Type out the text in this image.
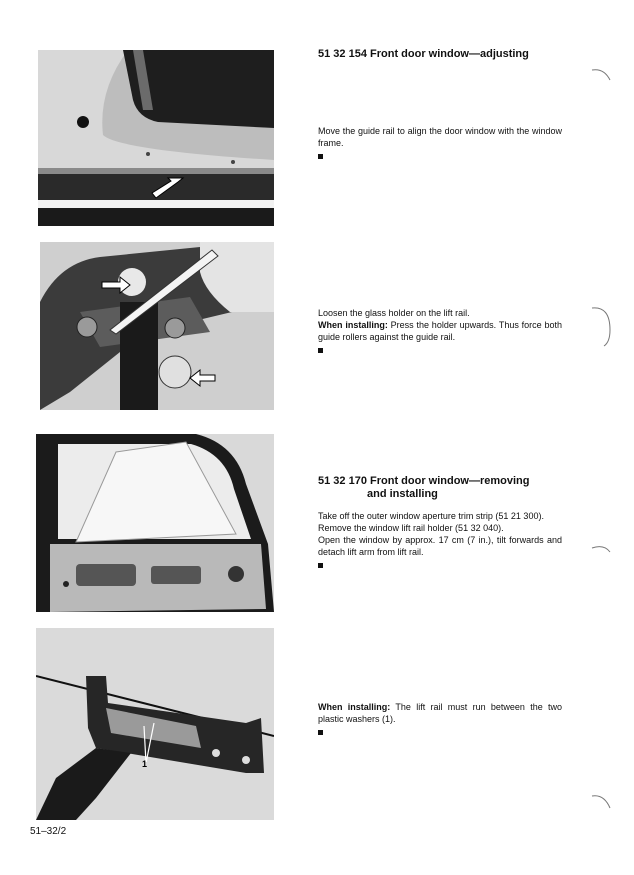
1
51 32 154 Front door window—adjusting

Move the guide rail to align the door window with the window frame.

Loosen the glass holder on the lift rail.

When installing: Press the holder upwards. Thus force both guide rollers against the guide rail.

51 32 170 Front door window—removing
and installing

Take off the outer window aperture trim strip (51 21 300).

Remove the window lift rail holder (51 32 040).

Open the window by approx. 17 cm (7 in.), tilt forwards and detach lift arm from lift rail.

When installing: The lift rail must run between the two plastic washers (1).

51–32/2
